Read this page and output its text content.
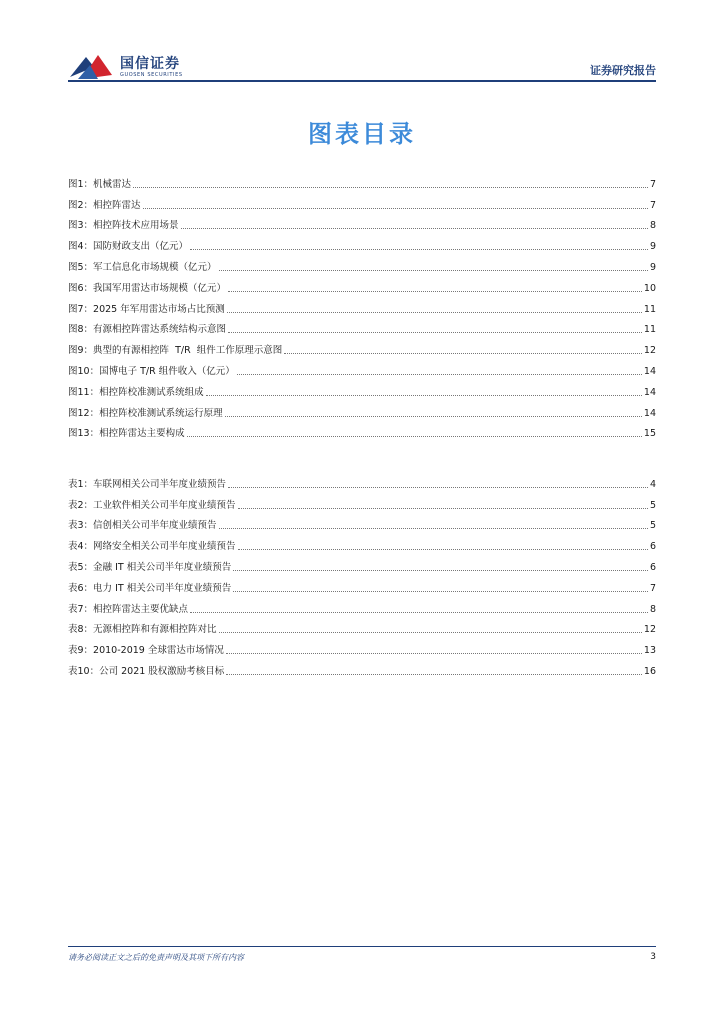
国信证券
GUOSEN SECURITIES	证券研究报告
图表目录
图1： 机械雷达	7
图2： 相控阵雷达	7
图3： 相控阵技术应用场景	8
图4： 国防财政支出（亿元）	9
图5： 军工信息化市场规模（亿元）	9
图6： 我国军用雷达市场规模（亿元）	10
图7： 2025 年军用雷达市场占比预测	11
图8： 有源相控阵雷达系统结构示意图	11
图9： 典型的有源相控阵  T/R  组件工作原理示意图	12
图10： 国博电子 T/R 组件收入（亿元）	14
图11： 相控阵校准测试系统组成	14
图12： 相控阵校准测试系统运行原理	14
图13： 相控阵雷达主要构成	15
表1： 车联网相关公司半年度业绩预告	4
表2： 工业软件相关公司半年度业绩预告	5
表3： 信创相关公司半年度业绩预告	5
表4： 网络安全相关公司半年度业绩预告	6
表5： 金融 IT 相关公司半年度业绩预告	6
表6： 电力 IT 相关公司半年度业绩预告	7
表7： 相控阵雷达主要优缺点	8
表8： 无源相控阵和有源相控阵对比	12
表9： 2010-2019 全球雷达市场情况	13
表10： 公司 2021 股权激励考核目标	16
请务必阅读正文之后的免责声明及其项下所有内容	3
